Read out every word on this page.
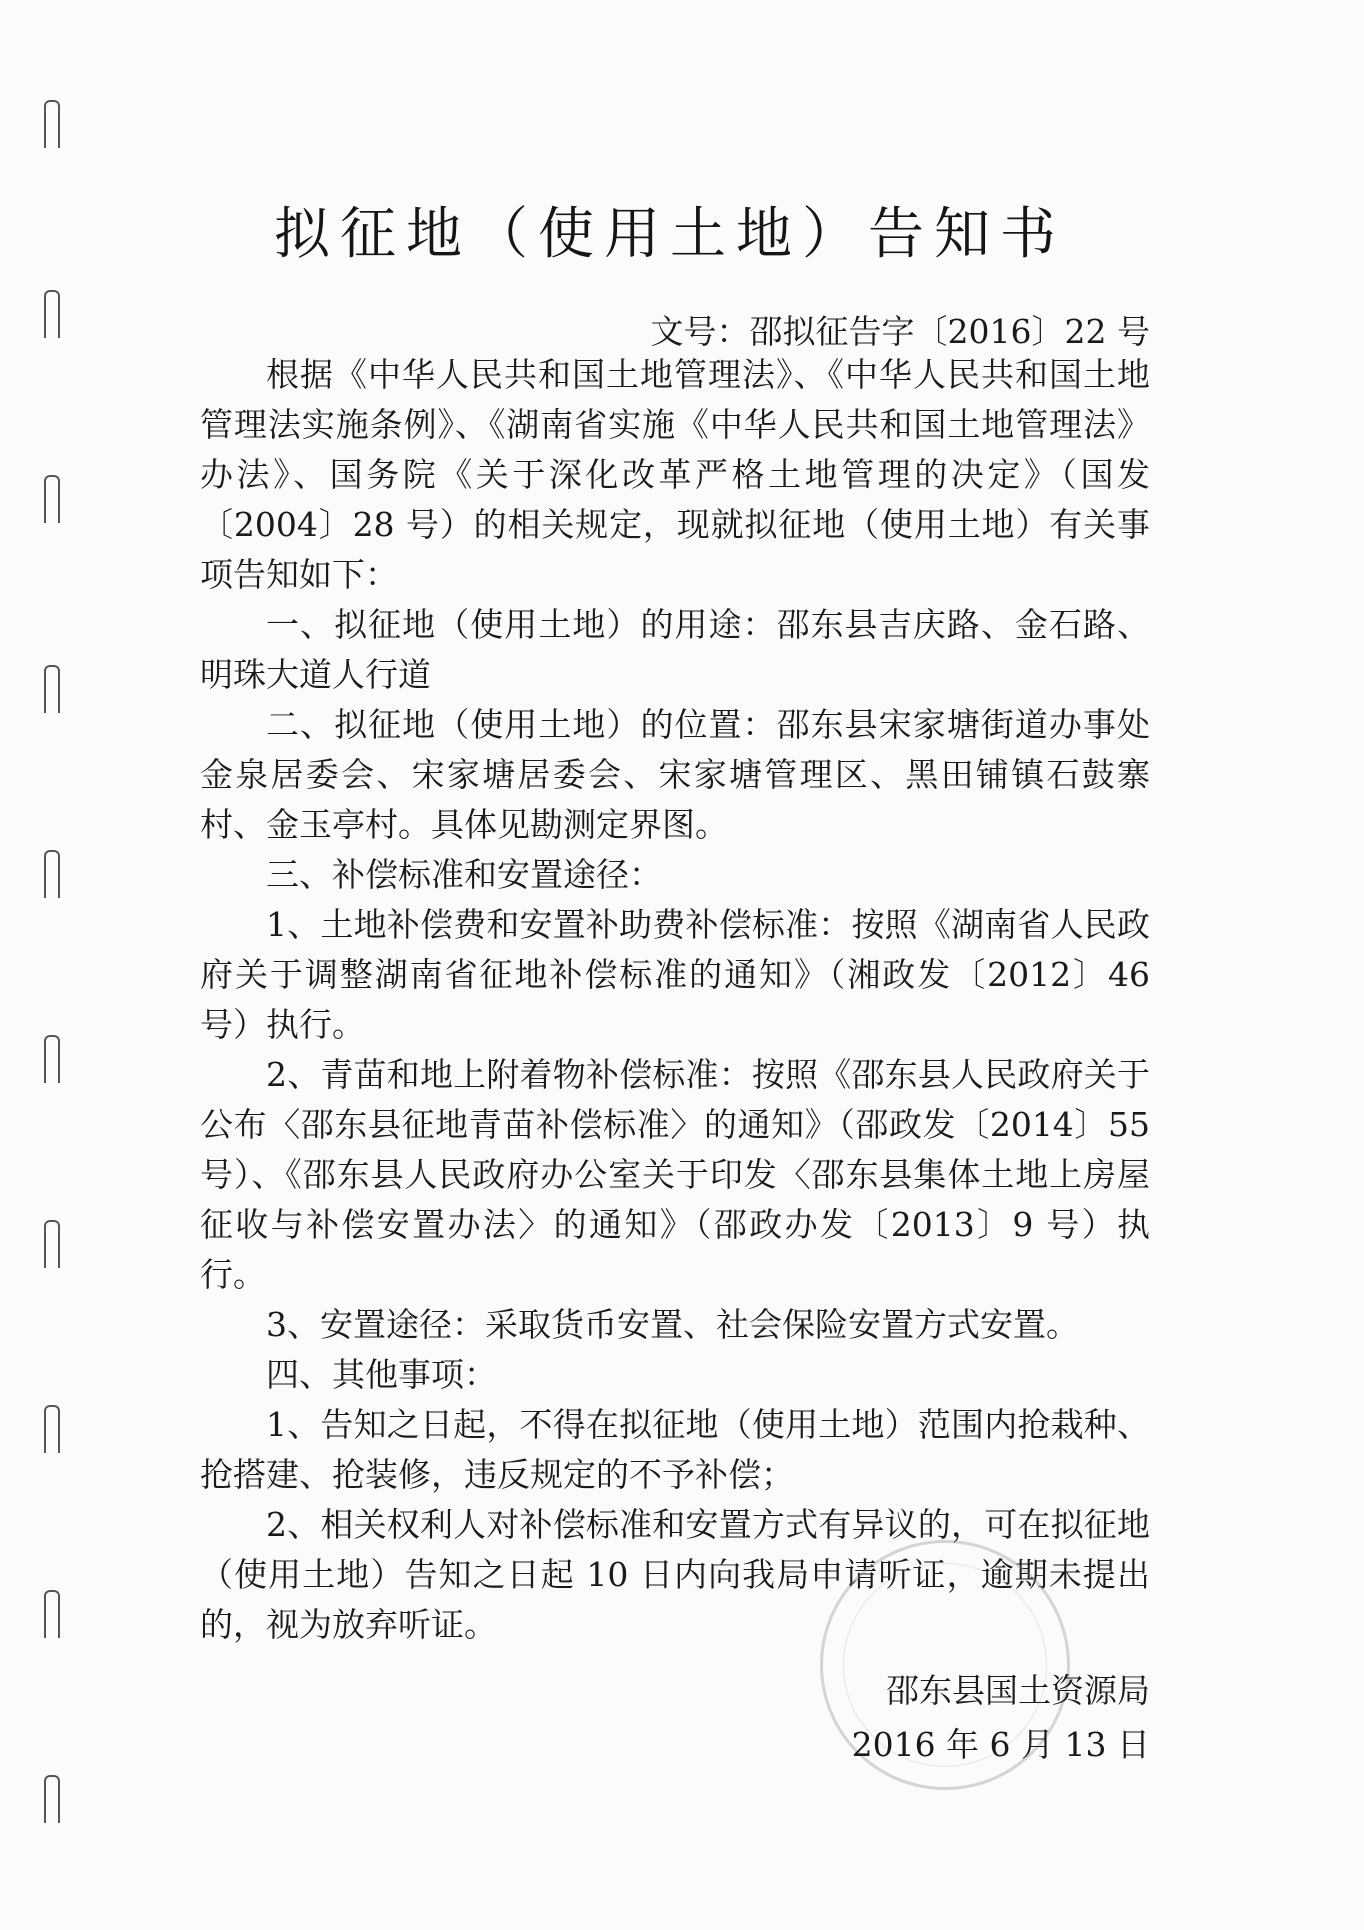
拟征地（使用土地）告知书
文号：邵拟征告字〔2016〕22 号

根据《中华人民共和国土地管理法》、《中华人民共和国土地管理法实施条例》、《湖南省实施《中华人民共和国土地管理法》办法》、国务院《关于深化改革严格土地管理的决定》（国发〔2004〕28 号）的相关规定，现就拟征地（使用土地）有关事项告知如下：

一、拟征地（使用土地）的用途：邵东县吉庆路、金石路、明珠大道人行道

二、拟征地（使用土地）的位置：邵东县宋家塘街道办事处金泉居委会、宋家塘居委会、宋家塘管理区、黑田铺镇石鼓寨村、金玉亭村。具体见勘测定界图。

三、补偿标准和安置途径：

1、土地补偿费和安置补助费补偿标准：按照《湖南省人民政府关于调整湖南省征地补偿标准的通知》（湘政发〔2012〕46号）执行。

2、青苗和地上附着物补偿标准：按照《邵东县人民政府关于公布〈邵东县征地青苗补偿标准〉的通知》（邵政发〔2014〕55 号）、《邵东县人民政府办公室关于印发〈邵东县集体土地上房屋征收与补偿安置办法〉的通知》（邵政办发〔2013〕9 号）执行。

3、安置途径：采取货币安置、社会保险安置方式安置。

四、其他事项：

1、告知之日起，不得在拟征地（使用土地）范围内抢栽种、抢搭建、抢装修，违反规定的不予补偿；

2、相关权利人对补偿标准和安置方式有异议的，可在拟征地（使用土地）告知之日起 10 日内向我局申请听证，逾期未提出的，视为放弃听证。

邵东县国土资源局
2016 年 6 月 13 日
